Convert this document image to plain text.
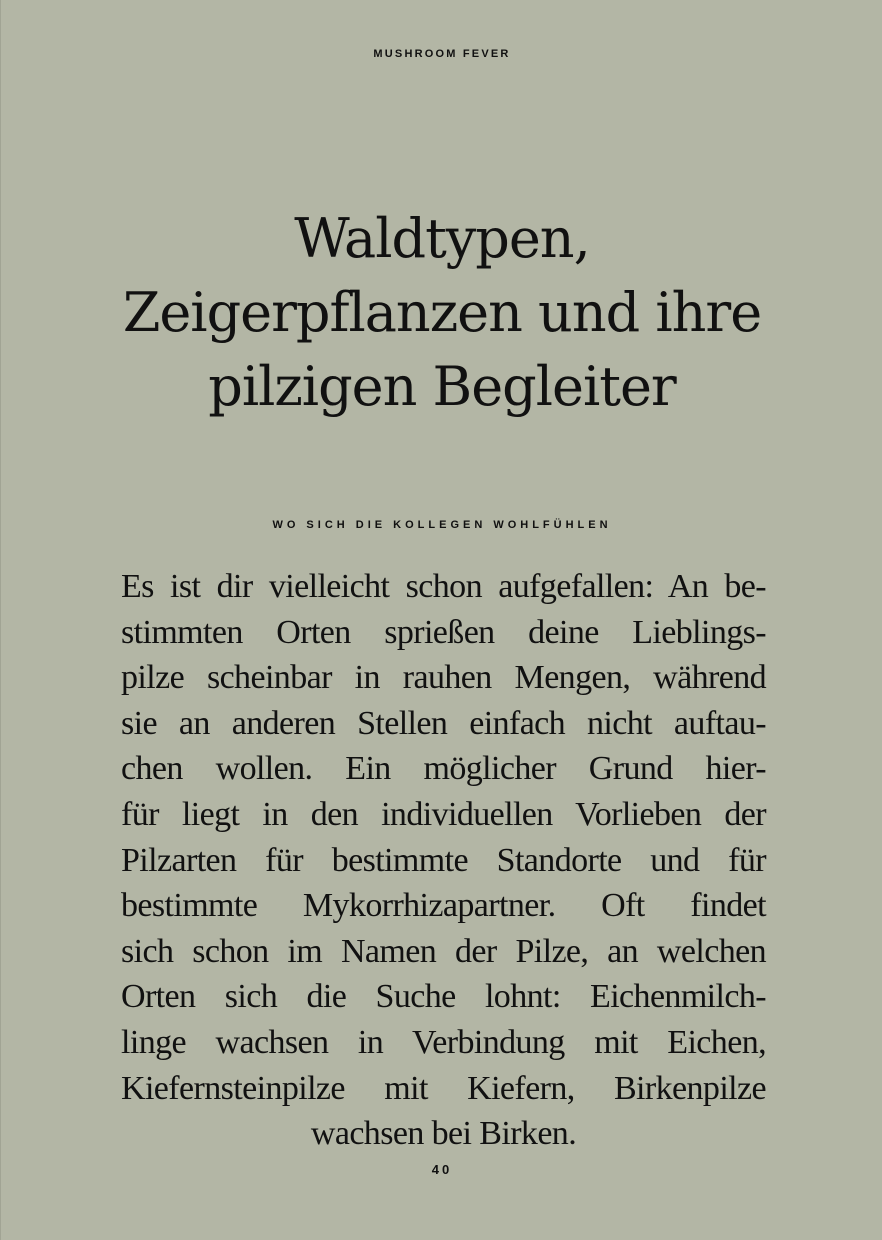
MUSHROOM FEVER
Waldtypen,
Zeigerpflanzen und ihre
pilzigen Begleiter
WO SICH DIE KOLLEGEN WOHLFÜHLEN
Es ist dir vielleicht schon aufgefallen: An be-
stimmten Orten sprießen deine Lieblings-
pilze scheinbar in rauhen Mengen, während
sie an anderen Stellen einfach nicht auftau-
chen wollen. Ein möglicher Grund hier-
für liegt in den individuellen Vorlieben der
Pilzarten für bestimmte Standorte und für
bestimmte Mykorrhizapartner. Oft findet
sich schon im Namen der Pilze, an welchen
Orten sich die Suche lohnt: Eichenmilch-
linge wachsen in Verbindung mit Eichen,
Kiefernsteinpilze mit Kiefern, Birkenpilze
wachsen bei Birken.
40
